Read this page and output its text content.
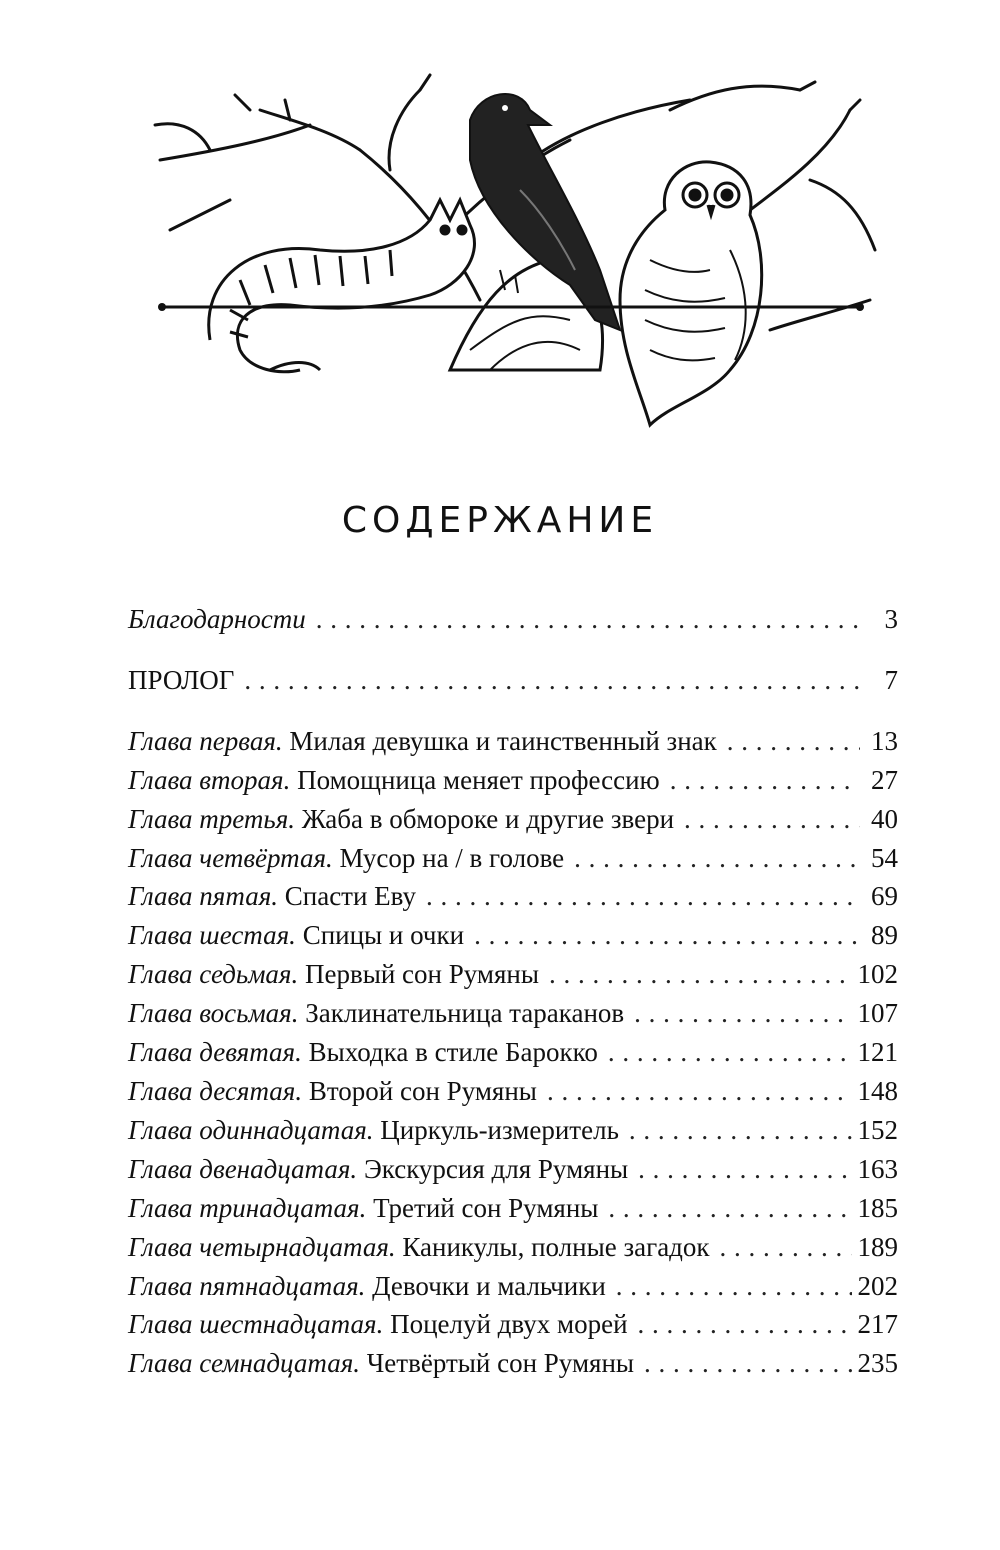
СОДЕРЖАНИЕ
Благодарности . . .	3
ПРОЛОГ . . .	7
Глава первая. Милая девушка и таинственный знак . . .	13
Глава вторая. Помощница меняет профессию . . .	27
Глава третья. Жаба в обмороке и другие звери . . .	40
Глава четвёртая. Мусор на / в голове . . .	54
Глава пятая. Спасти Еву . . .	69
Глава шестая. Спицы и очки . . .	89
Глава седьмая. Первый сон Румяны . . .	102
Глава восьмая. Заклинательница тараканов . . .	107
Глава девятая. Выходка в стиле Барокко . . .	121
Глава десятая. Второй сон Румяны . . .	148
Глава одиннадцатая. Циркуль-измеритель . . .	152
Глава двенадцатая. Экскурсия для Румяны . . .	163
Глава тринадцатая. Третий сон Румяны . . .	185
Глава четырнадцатая. Каникулы, полные загадок . . .	189
Глава пятнадцатая. Девочки и мальчики . . .	202
Глава шестнадцатая. Поцелуй двух морей . . .	217
Глава семнадцатая. Четвёртый сон Румяны . . .	235
